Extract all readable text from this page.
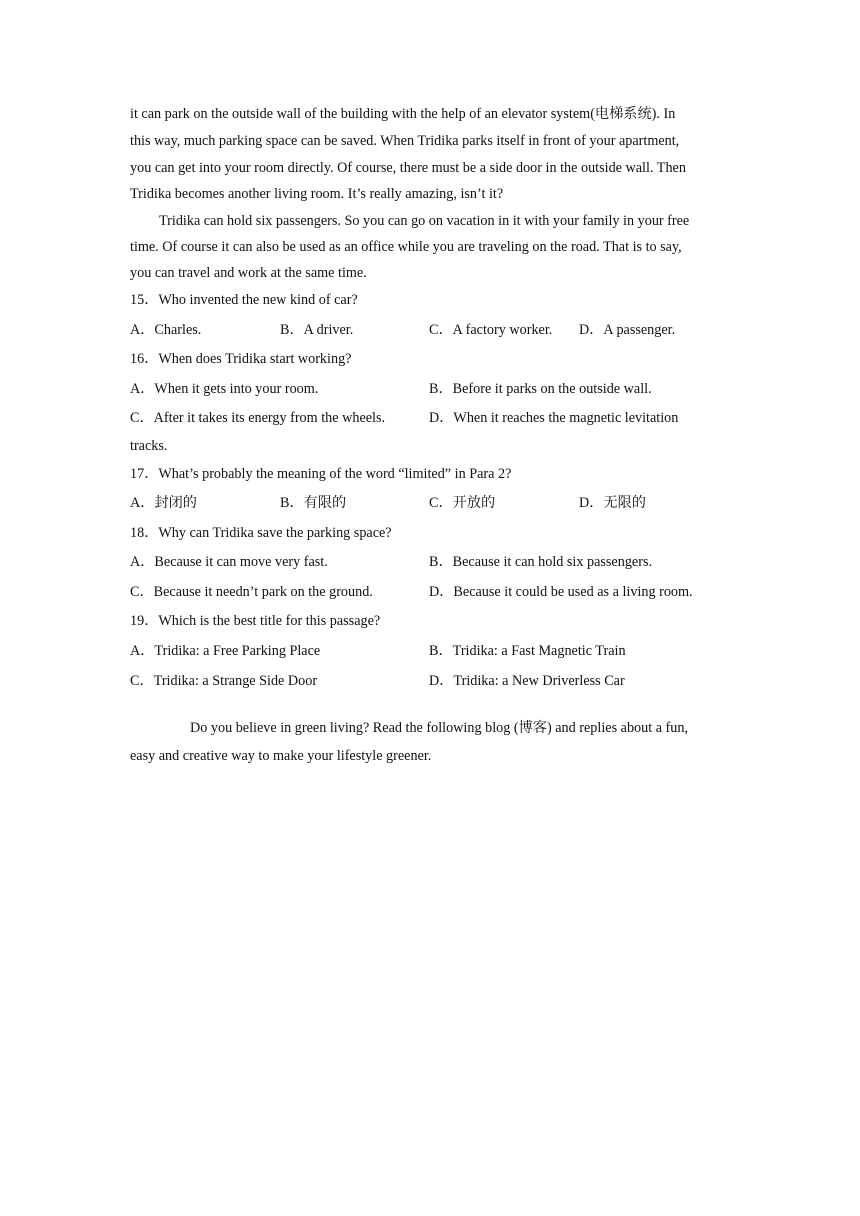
it can park on the outside wall of the building with the help of an elevator system(电梯系统). In
this way, much parking space can be saved. When Tridika parks itself in front of your apartment,
you can get into your room directly. Of course, there must be a side door in the outside wall. Then
Tridika becomes another living room. It’s really amazing, isn’t it?
Tridika can hold six passengers. So you can go on vacation in it with your family in your free
time. Of course it can also be used as an office while you are traveling on the road. That is to say,
you can travel and work at the same time.
15．Who invented the new kind of car?
A．Charles.	B．A driver.	C．A factory worker. D．A passenger.
16．When does Tridika start working?
A．When it gets into your room.	B．Before it parks on the outside wall.
C．After it takes its energy from the wheels.	D．When it reaches the magnetic levitation
tracks.
17．What’s probably the meaning of the word “limited” in Para 2?
A．封闭的	B．有限的	C．开放的	D．无限的
18．Why can Tridika save the parking space?
A．Because it can move very fast.	B．Because it can hold six passengers.
C．Because it needn’t park on the ground.	D．Because it could be used as a living room.
19．Which is the best title for this passage?
A．Tridika: a Free Parking Place	B．Tridika: a Fast Magnetic Train
C．Tridika: a Strange Side Door	D．Tridika: a New Driverless Car
Do you believe in green living? Read the following blog (博客) and replies about a fun,
easy and creative way to make your lifestyle greener.
